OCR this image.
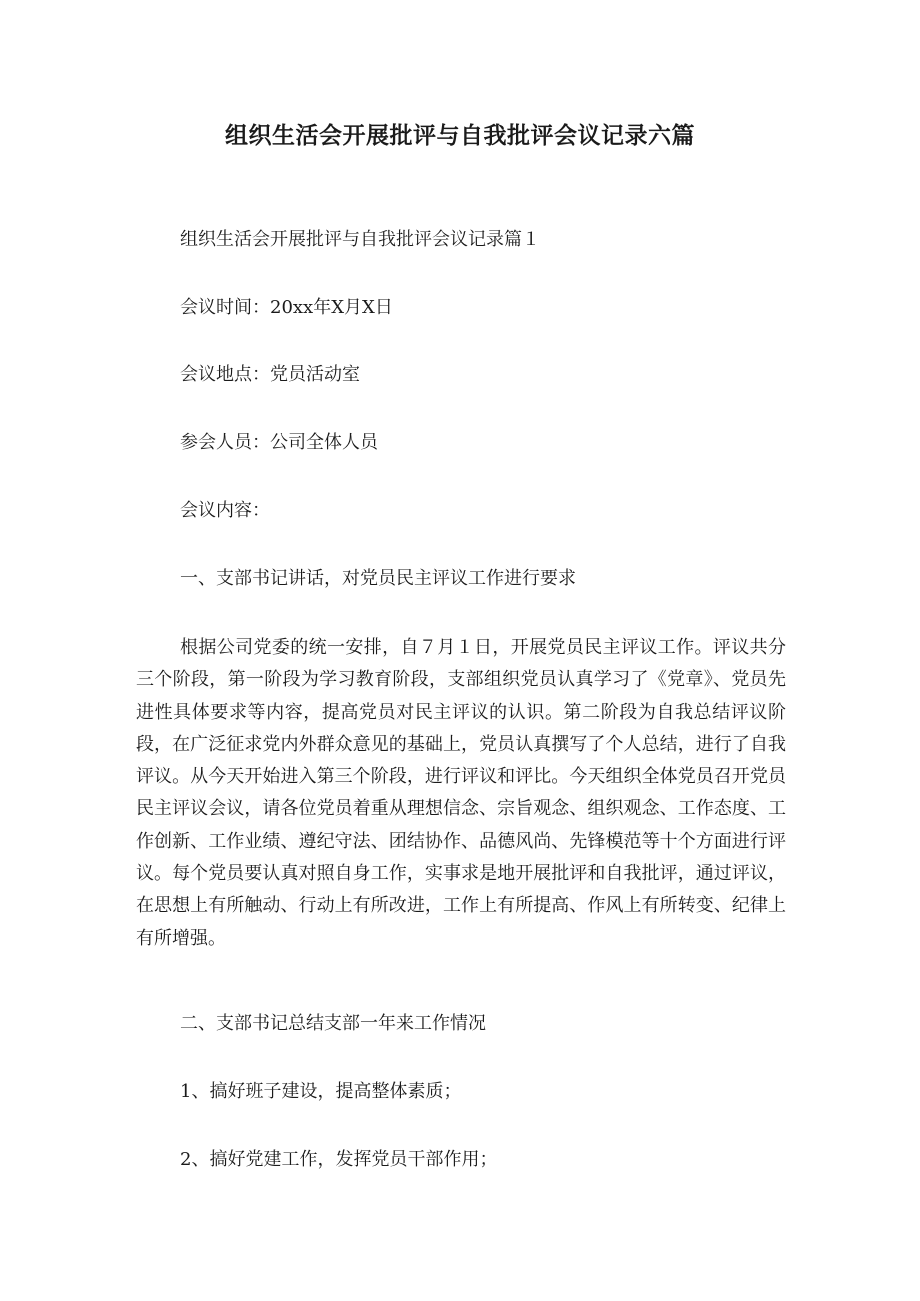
组织生活会开展批评与自我批评会议记录六篇

组织生活会开展批评与自我批评会议记录篇１

会议时间：20xx年X月X日

会议地点：党员活动室

参会人员：公司全体人员

会议内容：

一、支部书记讲话，对党员民主评议工作进行要求

根据公司党委的统一安排，自７月１日，开展党员民主评议工作。评议共分三个阶段，第一阶段为学习教育阶段，支部组织党员认真学习了《党章》、党员先进性具体要求等内容，提高党员对民主评议的认识。第二阶段为自我总结评议阶段，在广泛征求党内外群众意见的基础上，党员认真撰写了个人总结，进行了自我评议。从今天开始进入第三个阶段，进行评议和评比。今天组织全体党员召开党员民主评议会议，请各位党员着重从理想信念、宗旨观念、组织观念、工作态度、工作创新、工作业绩、遵纪守法、团结协作、品德风尚、先锋模范等十个方面进行评议。每个党员要认真对照自身工作，实事求是地开展批评和自我批评，通过评议，在思想上有所触动、行动上有所改进，工作上有所提高、作风上有所转变、纪律上有所增强。

二、支部书记总结支部一年来工作情况

1、搞好班子建设，提高整体素质；

2、搞好党建工作，发挥党员干部作用；
